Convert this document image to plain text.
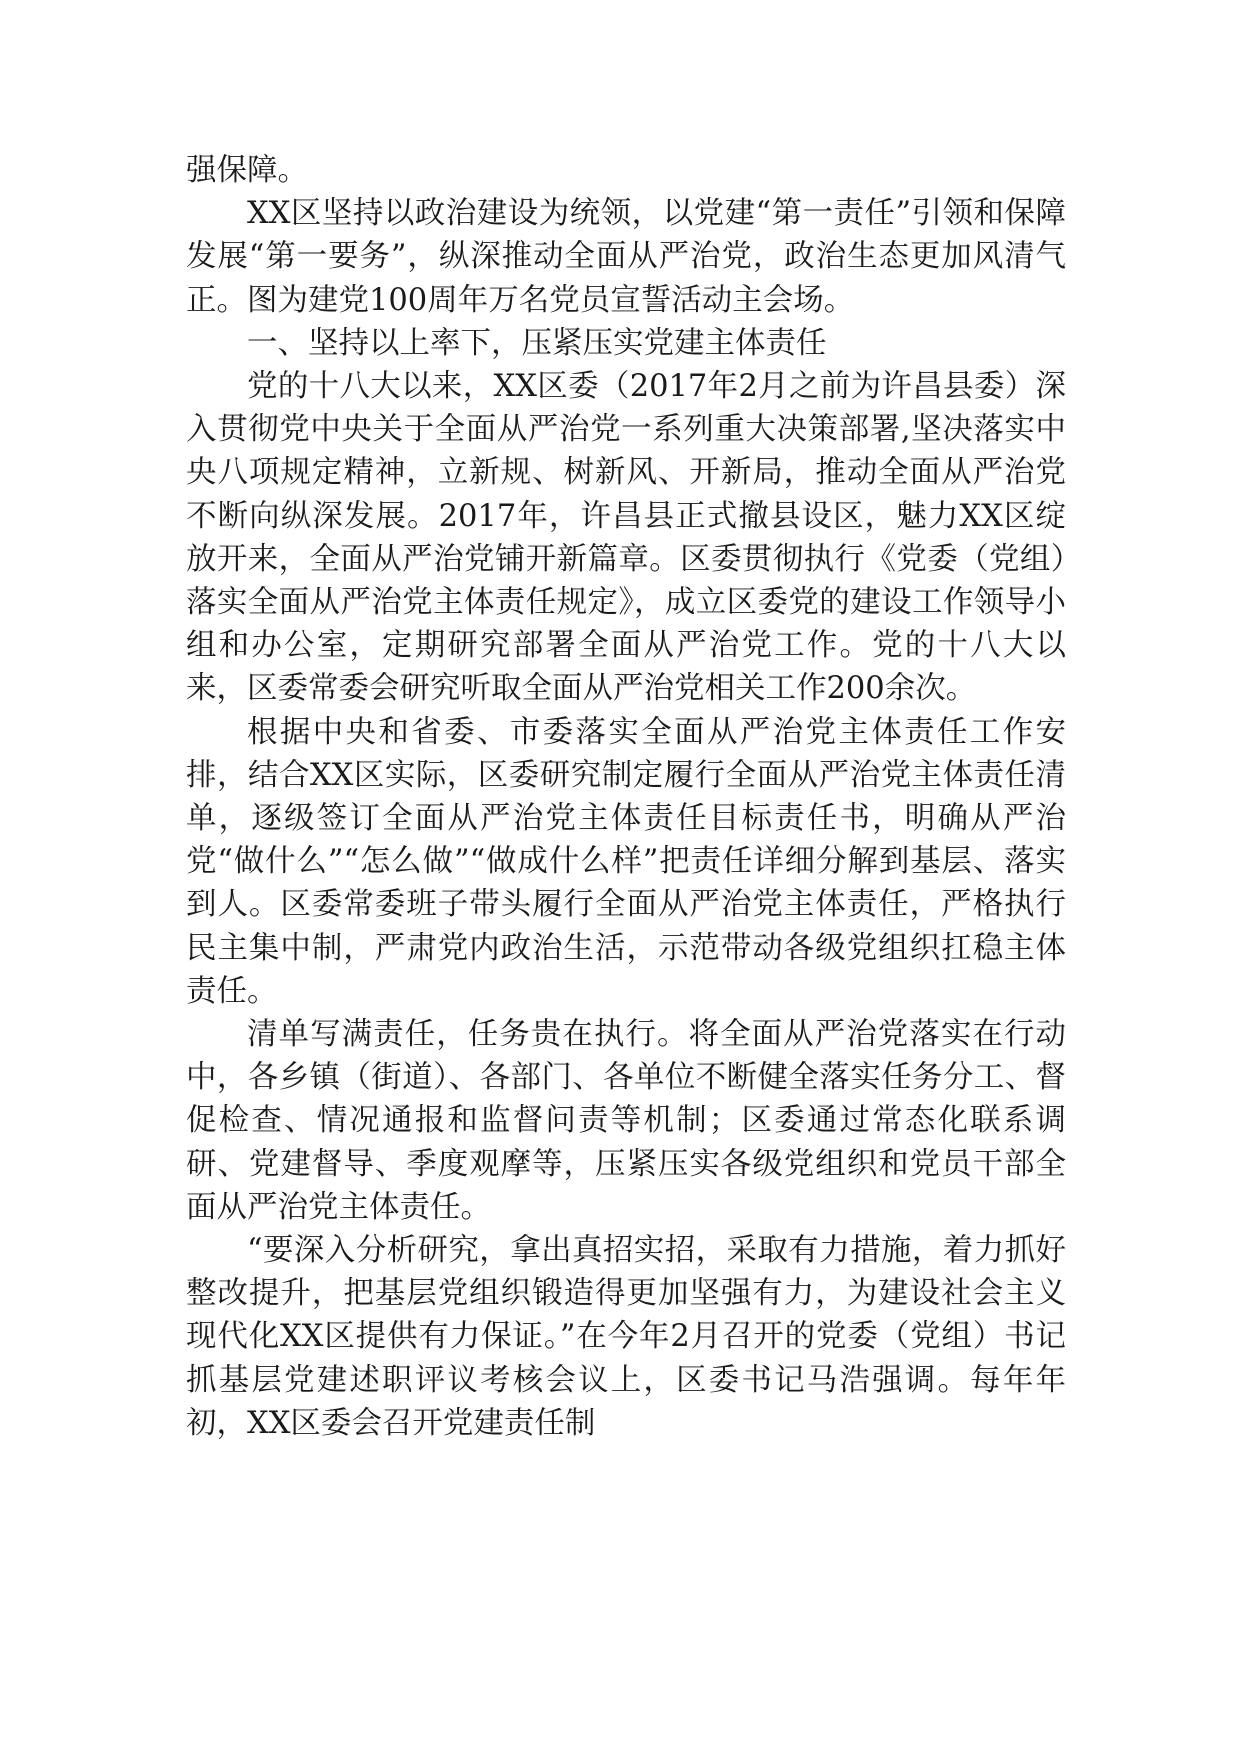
强保障。

XX区坚持以政治建设为统领，以党建“第一责任”引领和保障发展“第一要务”，纵深推动全面从严治党，政治生态更加风清气正。图为建党100周年万名党员宣誓活动主会场。

一、坚持以上率下，压紧压实党建主体责任

党的十八大以来，XX区委（2017年2月之前为许昌县委）深入贯彻党中央关于全面从严治党一系列重大决策部署,坚决落实中央八项规定精神，立新规、树新风、开新局，推动全面从严治党不断向纵深发展。2017年，许昌县正式撤县设区，魅力XX区绽放开来，全面从严治党铺开新篇章。区委贯彻执行《党委（党组）落实全面从严治党主体责任规定》，成立区委党的建设工作领导小组和办公室，定期研究部署全面从严治党工作。党的十八大以来，区委常委会研究听取全面从严治党相关工作200余次。

根据中央和省委、市委落实全面从严治党主体责任工作安排，结合XX区实际，区委研究制定履行全面从严治党主体责任清单，逐级签订全面从严治党主体责任目标责任书，明确从严治党“做什么”“怎么做”“做成什么样”把责任详细分解到基层、落实到人。区委常委班子带头履行全面从严治党主体责任，严格执行民主集中制，严肃党内政治生活，示范带动各级党组织扛稳主体责任。

清单写满责任，任务贵在执行。将全面从严治党落实在行动中，各乡镇（街道）、各部门、各单位不断健全落实任务分工、督促检查、情况通报和监督问责等机制；区委通过常态化联系调研、党建督导、季度观摩等，压紧压实各级党组织和党员干部全面从严治党主体责任。

“要深入分析研究，拿出真招实招，采取有力措施，着力抓好整改提升，把基层党组织锻造得更加坚强有力，为建设社会主义现代化XX区提供有力保证。”在今年2月召开的党委（党组）书记抓基层党建述职评议考核会议上，区委书记马浩强调。每年年初，XX区委会召开党建责任制
